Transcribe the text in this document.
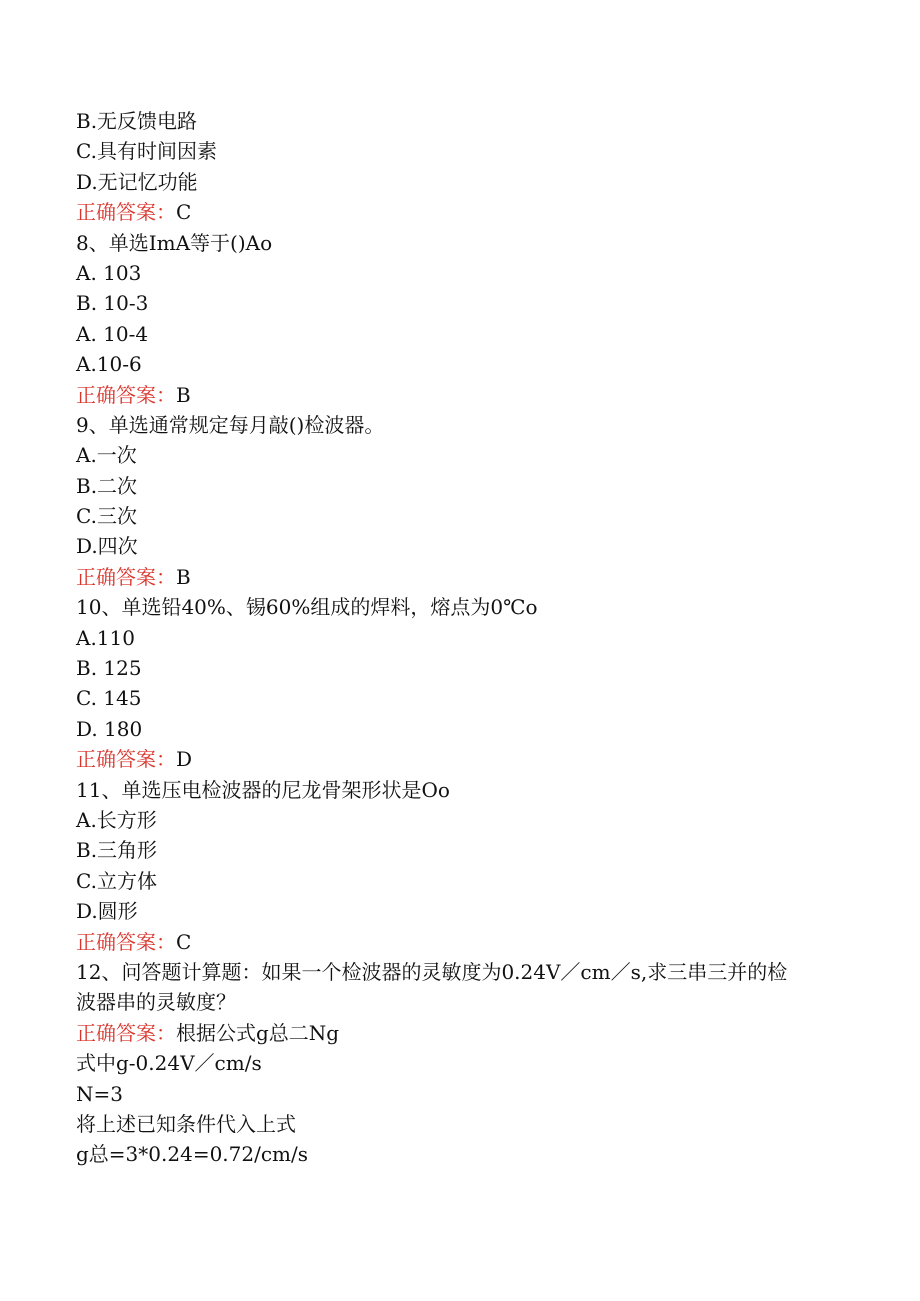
B.无反馈电路
C.具有时间因素
D.无记忆功能
正确答案：C
8、单选ImA等于()Ao
A. 103
B. 10-3
A. 10-4
A.10-6
正确答案：B
9、单选通常规定每月敲()检波器。
A.一次
B.二次
C.三次
D.四次
正确答案：B
10、单选铅40%、锡60%组成的焊料，熔点为0℃o
A.110
B. 125
C. 145
D. 180
正确答案：D
11、单选压电检波器的尼龙骨架形状是Oo
A.长方形
B.三角形
C.立方体
D.圆形
正确答案：C
12、问答题计算题：如果一个检波器的灵敏度为0.24V／cm／s,求三串三并的检
波器串的灵敏度？
正确答案：根据公式g总二Ng
式中g-0.24V／cm/s
N=3
将上述已知条件代入上式
g总=3*0.24=0.72/cm/s
